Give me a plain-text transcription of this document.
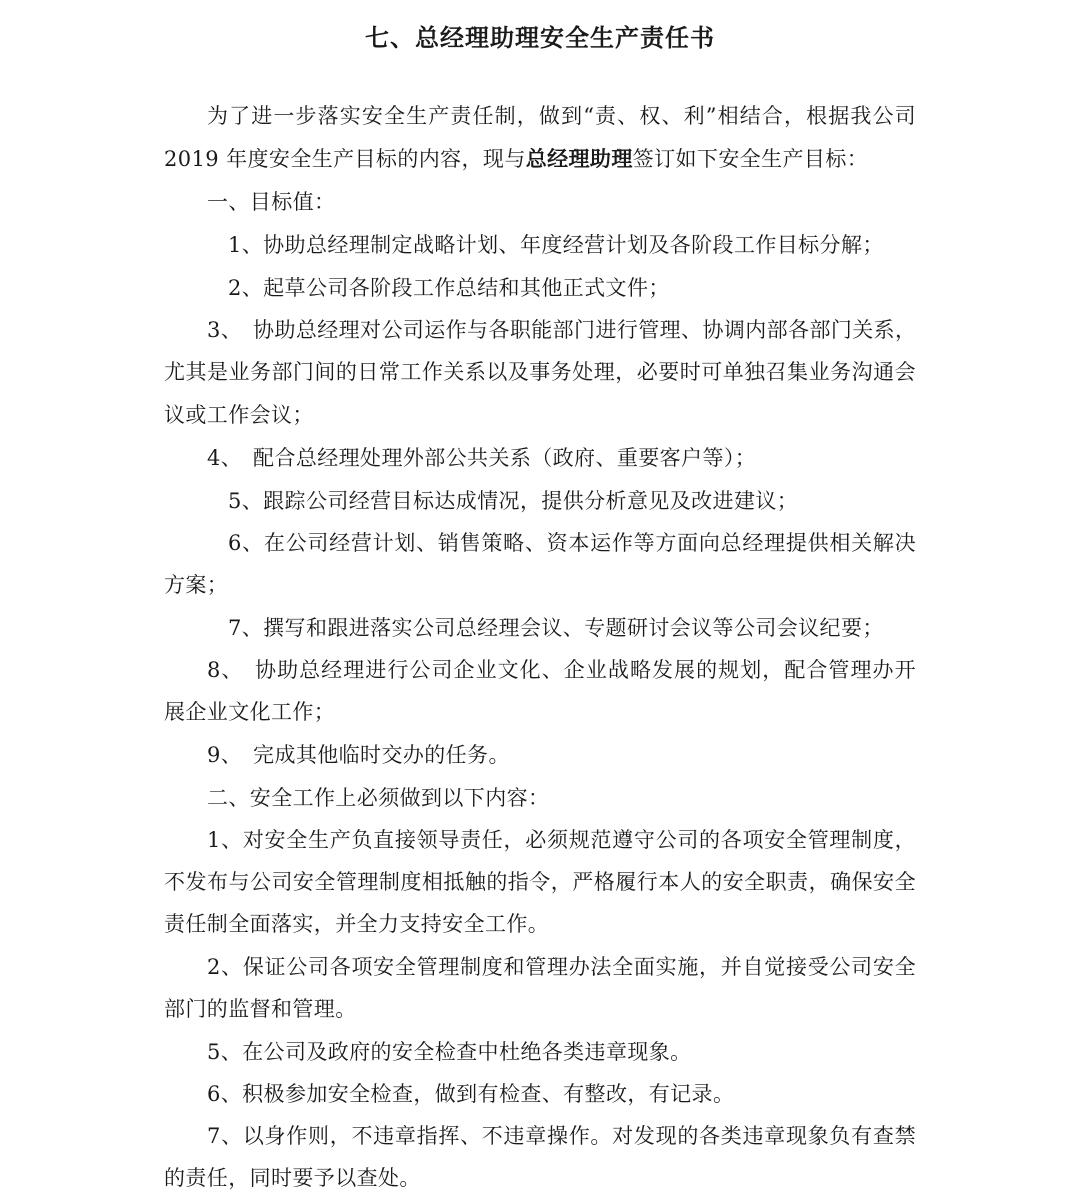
七、总经理助理安全生产责任书
为了进一步落实安全生产责任制，做到“责、权、利”相结合，根据我公司
2019 年度安全生产目标的内容，现与总经理助理签订如下安全生产目标：
一、目标值：
1、协助总经理制定战略计划、年度经营计划及各阶段工作目标分解；
2、起草公司各阶段工作总结和其他正式文件；
3、　协助总经理对公司运作与各职能部门进行管理、协调内部各部门关系，
尤其是业务部门间的日常工作关系以及事务处理，必要时可单独召集业务沟通会
议或工作会议；
4、　配合总经理处理外部公共关系（政府、重要客户等）；
5、跟踪公司经营目标达成情况，提供分析意见及改进建议；
6、在公司经营计划、销售策略、资本运作等方面向总经理提供相关解决
方案；
7、撰写和跟进落实公司总经理会议、专题研讨会议等公司会议纪要；
8、　协助总经理进行公司企业文化、企业战略发展的规划，配合管理办开
展企业文化工作；
9、　完成其他临时交办的任务。
二、安全工作上必须做到以下内容：
1、对安全生产负直接领导责任，必须规范遵守公司的各项安全管理制度，
不发布与公司安全管理制度相抵触的指令，严格履行本人的安全职责，确保安全
责任制全面落实，并全力支持安全工作。
2、保证公司各项安全管理制度和管理办法全面实施，并自觉接受公司安全
部门的监督和管理。
5、在公司及政府的安全检查中杜绝各类违章现象。
6、积极参加安全检查，做到有检查、有整改，有记录。
7、以身作则，不违章指挥、不违章操作。对发现的各类违章现象负有查禁
的责任，同时要予以查处。
